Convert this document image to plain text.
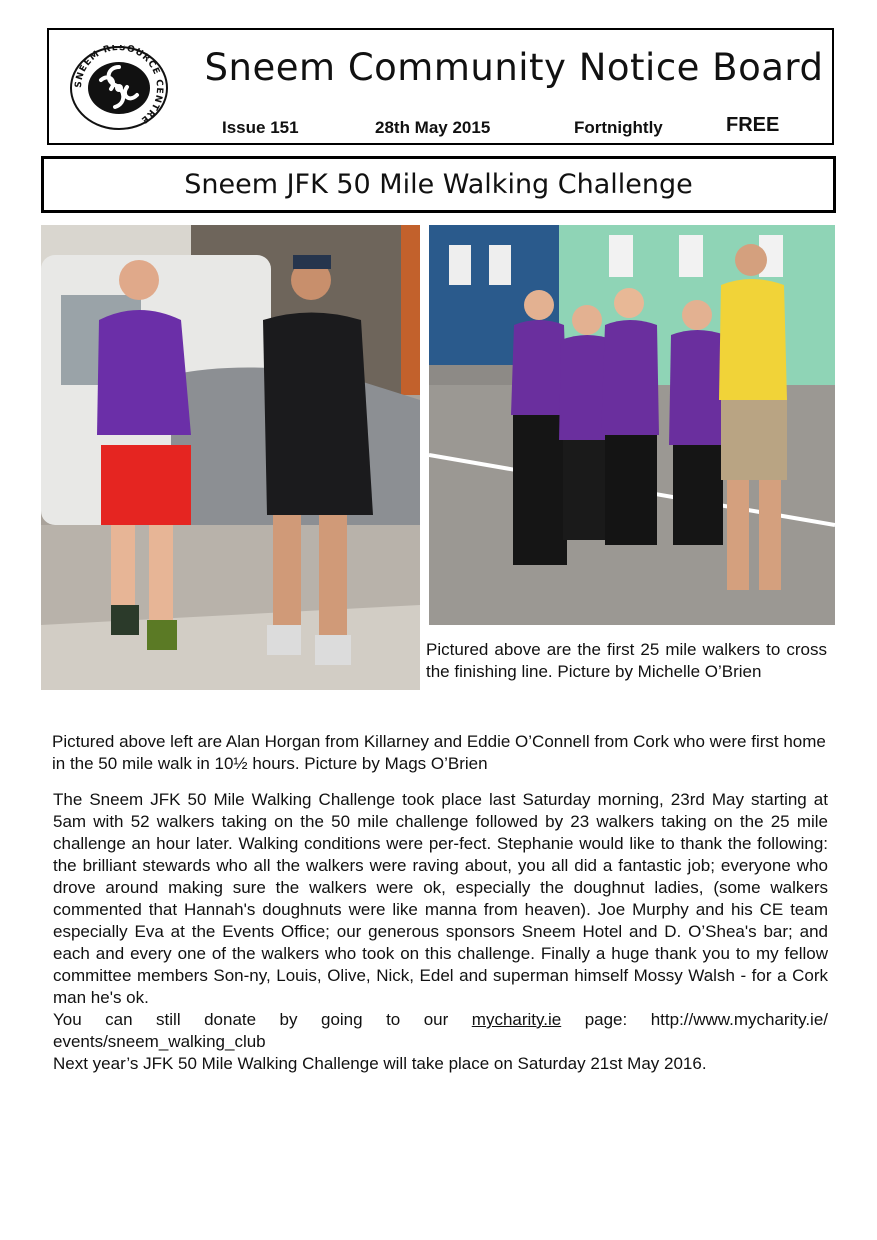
SNEEM RESOURCE CENTRE
Sneem Community Notice Board
Issue 151	28th May 2015	Fortnightly	FREE
Sneem JFK 50 Mile Walking Challenge
Pictured above are the first 25 mile walkers to cross the finishing line. Picture by Michelle O’Brien
Pictured above left are Alan Horgan from Killarney and Eddie O’Connell from Cork who were first home in the 50 mile walk in 10½ hours. Picture by Mags O’Brien

The Sneem JFK 50 Mile Walking Challenge took place last Saturday morning, 23rd May starting at 5am with 52 walkers taking on the 50 mile challenge followed by 23 walkers taking on the 25 mile challenge an hour later. Walking conditions were per-fect. Stephanie would like to thank the following: the brilliant stewards who all the walkers were raving about, you all did a fantastic job; everyone who drove around making sure the walkers were ok, especially the doughnut ladies, (some walkers commented that Hannah's doughnuts were like manna from heaven). Joe Murphy and his CE team especially Eva at the Events Office; our generous sponsors Sneem Hotel and D. O’Shea's bar; and each and every one of the walkers who took on this challenge. Finally a huge thank you to my fellow committee members Son-ny, Louis, Olive, Nick, Edel and superman himself Mossy Walsh - for a Cork man he's ok.

You can still donate by going to our mycharity.ie page: http://www.mycharity.ie/ events/sneem_walking_club

Next year’s JFK 50 Mile Walking Challenge will take place on Saturday 21st May 2016.
